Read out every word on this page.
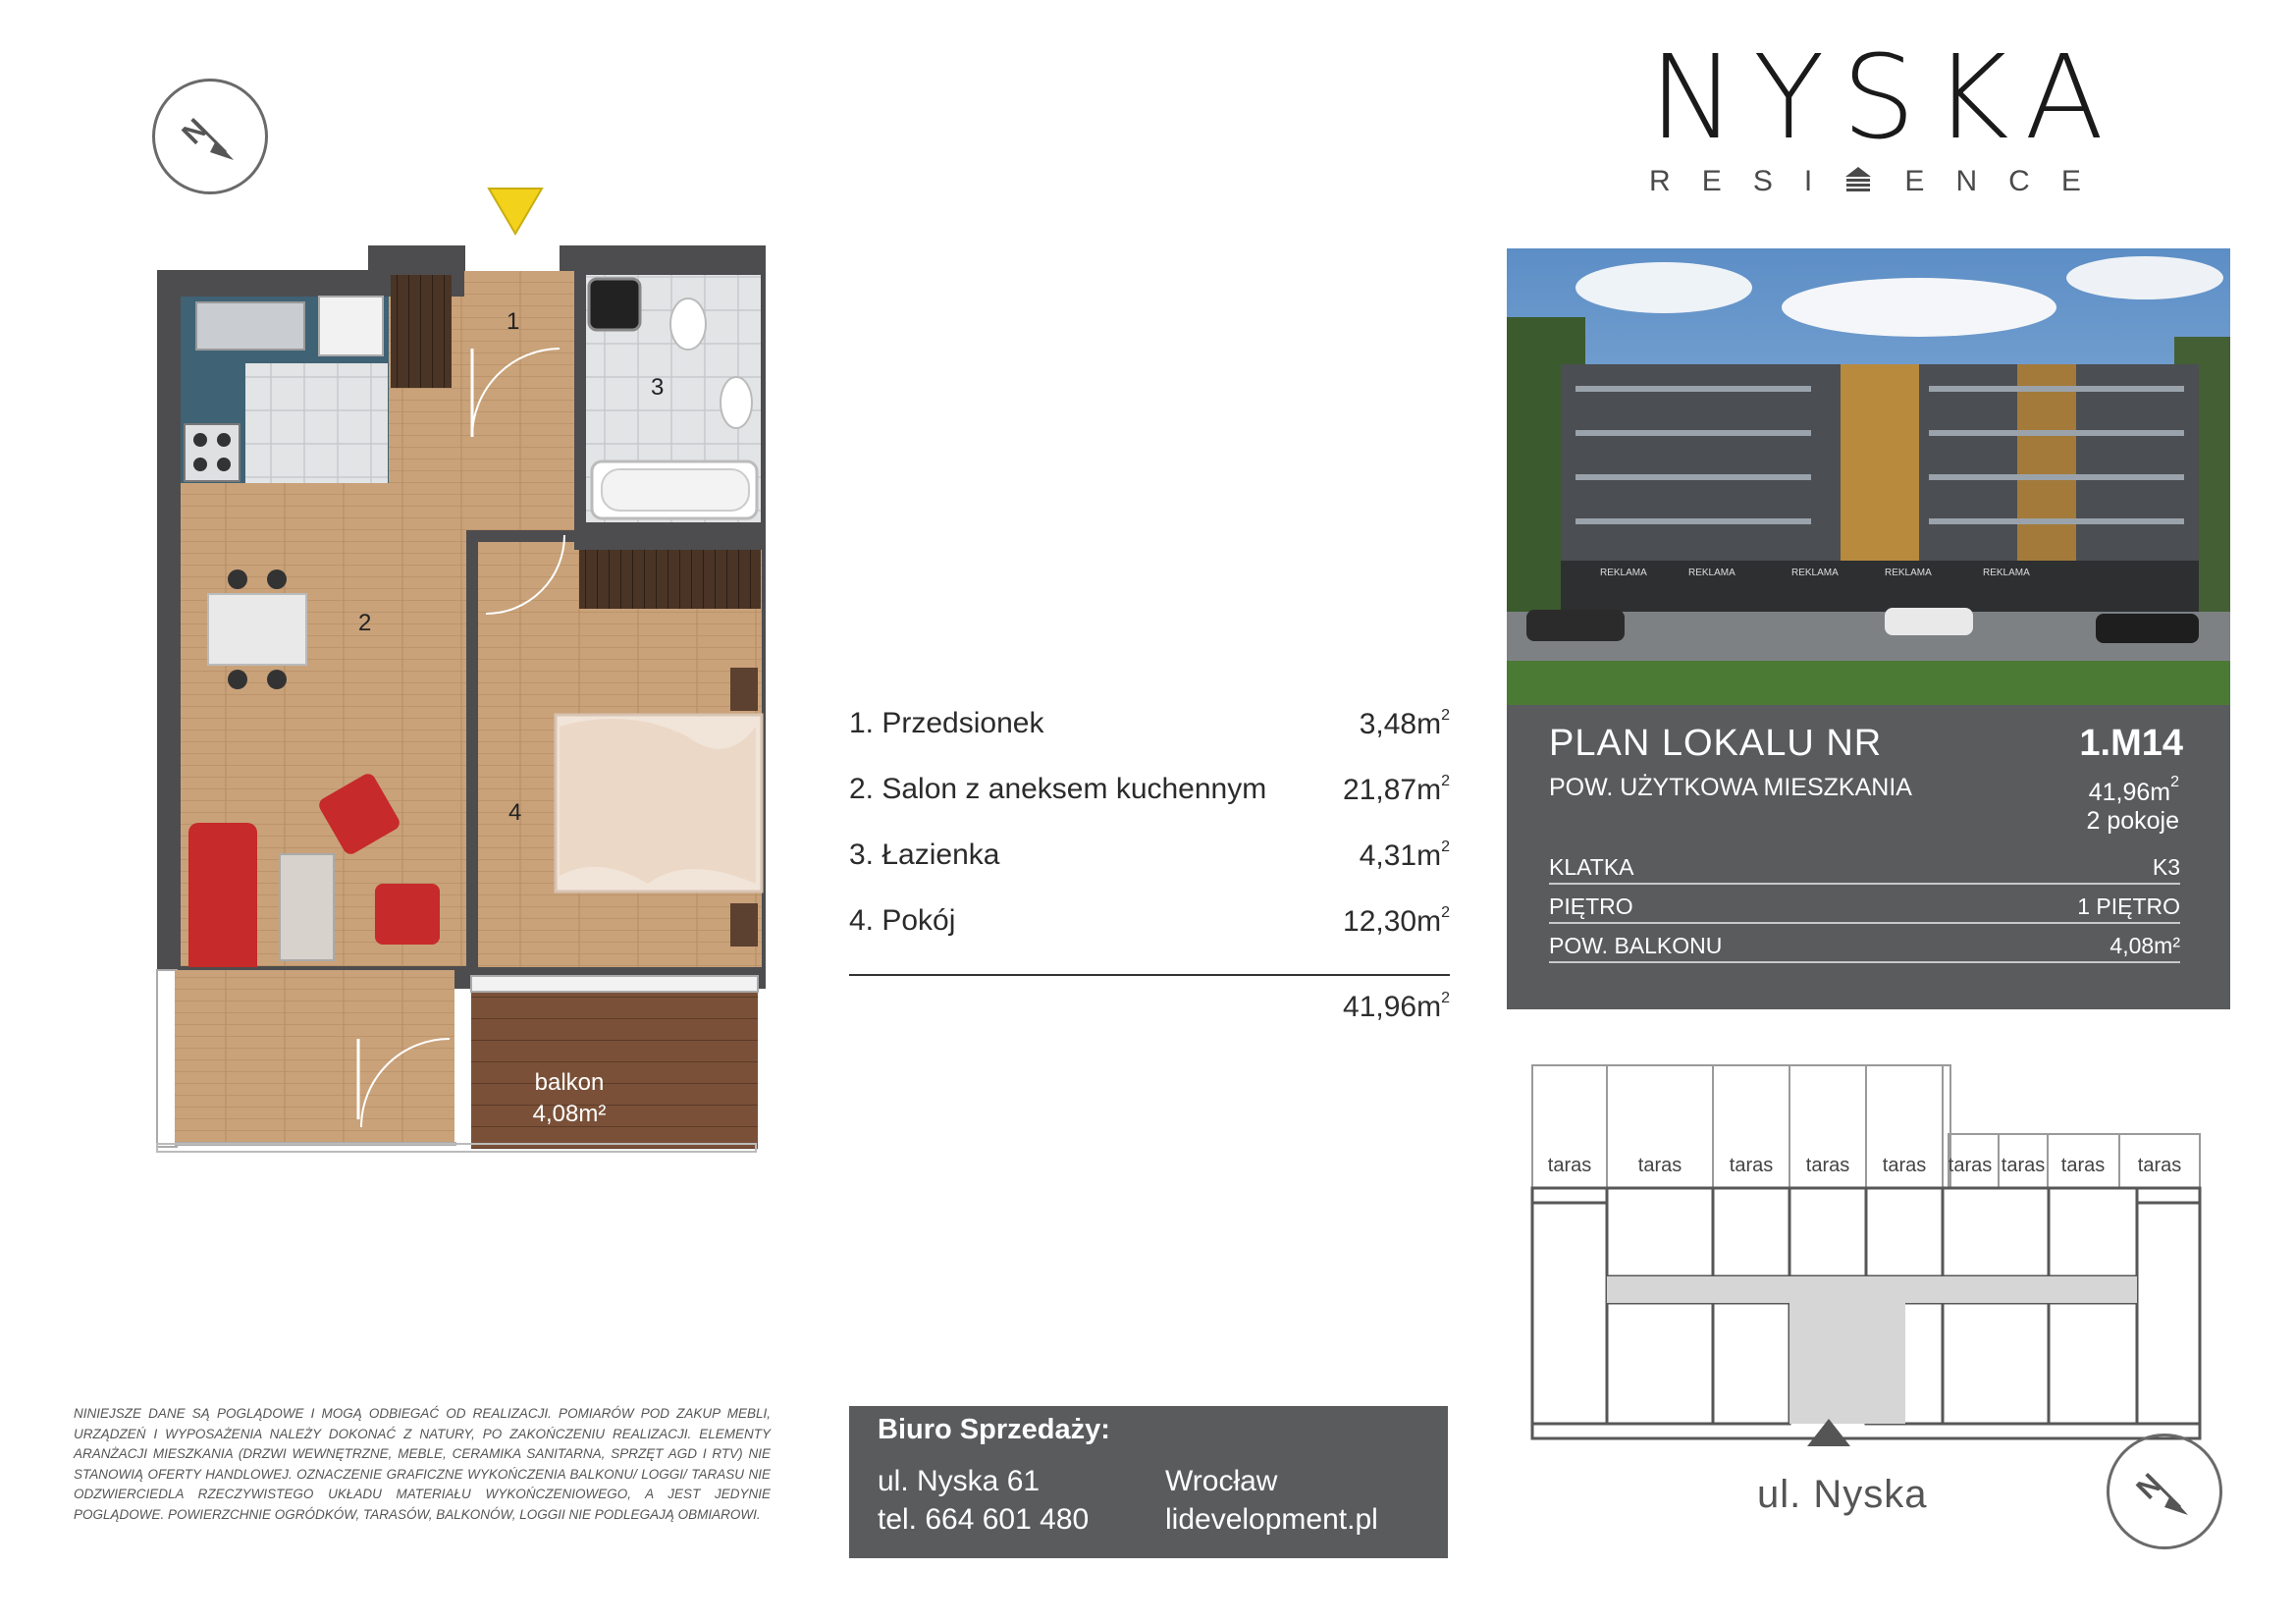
N	NYSKA
R E S I	E N C E
1
2
3
4
balkon
4,08m²
1. Przedsionek	$3,48m^2$
2. Salon z aneksem kuchennym	$21,87m^2$
3. Łazienka	$4,31m^2$
4. Pokój	$12,30m^2$
$41,96m^2$
REKLAMA	REKLAMA	REKLAMA	REKLAMA	REKLAMA
PLAN LOKALU NR	1.M14
POW. UŻYTKOWA MIESZKANIA	$41,96m^2$
2 pokoje
KLATKA	K3
PIĘTRO	1 PIĘTRO
POW. BALKONU	4,08m²
taras taras taras taras taras taras taras taras taras
ul. Nyska	N
NINIEJSZE DANE SĄ POGLĄDOWE I MOGĄ ODBIEGAĆ OD REALIZACJI. POMIARÓW POD ZAKUP MEBLI, URZĄDZEŃ I WYPOSAŻENIA NALEŻY DOKONAĆ Z NATURY, PO ZAKOŃCZENIU REALIZACJI. ELEMENTY ARANŻACJI MIESZKANIA (DRZWI WEWNĘTRZNE, MEBLE, CERAMIKA SANITARNA, SPRZĘT AGD I RTV) NIE STANOWIĄ OFERTY HANDLOWEJ. OZNACZENIE GRAFICZNE WYKOŃCZENIA BALKONU/ LOGGI/ TARASU NIE ODZWIERCIEDLA RZECZYWISTEGO UKŁADU MATERIAŁU WYKOŃCZENIOWEGO, A JEST JEDYNIE POGLĄDOWE. POWIERZCHNIE OGRÓDKÓW, TARASÓW, BALKONÓW, LOGGII NIE PODLEGAJĄ OBMIAROWI.
Biuro Sprzedaży:
ul. Nyska 61
tel. 664 601 480
Wrocław
lidevelopment.pl
